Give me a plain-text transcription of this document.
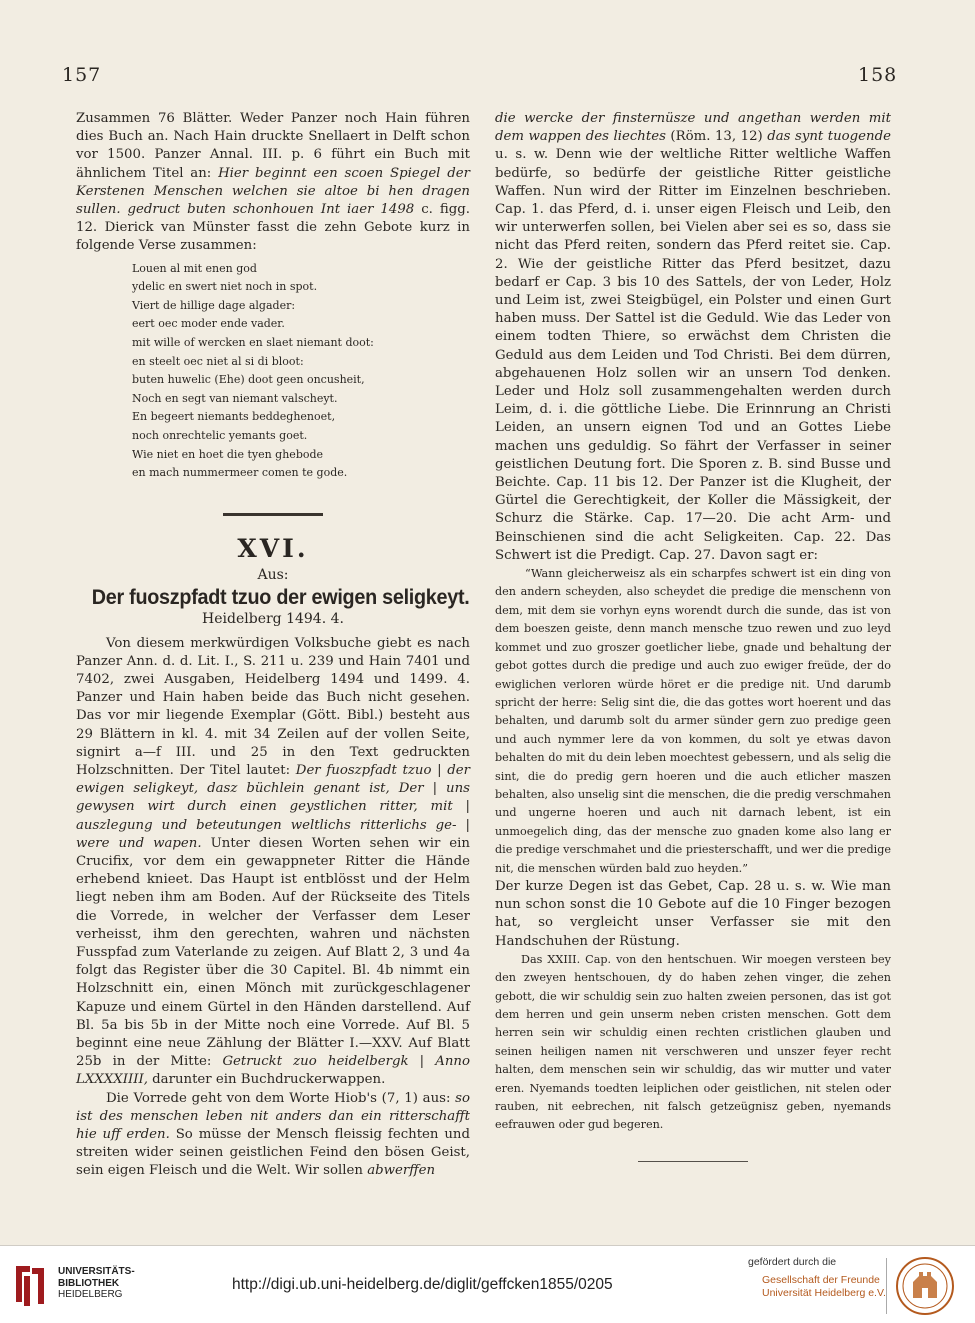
157	158

Zusammen 76 Blätter. Weder Panzer noch Hain führen dies Buch an. Nach Hain druckte Snellaert in Delft schon vor 1500. Panzer Annal. III. p. 6 führt ein Buch mit ähnlichem Titel an: Hier beginnt een scoen Spiegel der Kerstenen Menschen welchen sie altoe bi hen dragen sullen. gedruct buten schonhouen Int iaer 1498 c. figg. 12. Dierick van Münster fasst die zehn Gebote kurz in folgende Verse zusammen:

Louen al mit enen god
ydelic en swert niet noch in spot.
Viert de hillige dage algader:
eert oec moder ende vader.
mit wille of wercken en slaet niemant doot:
en steelt oec niet al si di bloot:
buten huwelic (Ehe) doot geen oncusheit,
Noch en segt van niemant valscheyt.
En begeert niemants beddeghenoet,
noch onrechtelic yemants goet.
Wie niet en hoet die tyen ghebode
en mach nummermeer comen te gode.
XVI.
Aus:
Der fuoszpfadt tzuo der ewigen seligkeyt.
Heidelberg 1494. 4.

Von diesem merkwürdigen Volksbuche giebt es nach Panzer Ann. d. d. Lit. I., S. 211 u. 239 und Hain 7401 und 7402, zwei Ausgaben, Heidelberg 1494 und 1499. 4. Panzer und Hain haben beide das Buch nicht gesehen. Das vor mir liegende Exemplar (Gött. Bibl.) besteht aus 29 Blättern in kl. 4. mit 34 Zeilen auf der vollen Seite, signirt a—f III. und 25 in den Text gedruckten Holzschnitten. Der Titel lautet: Der fuoszpfadt tzuo | der ewigen seligkeyt, dasz büchlein genant ist, Der | uns gewysen wirt durch einen geystlichen ritter, mit | auszlegung und beteutungen weltlichs ritterlichs ge- | were und wapen. Unter diesen Worten sehen wir ein Crucifix, vor dem ein gewappneter Ritter die Hände erhebend knieet. Das Haupt ist entblösst und der Helm liegt neben ihm am Boden. Auf der Rückseite des Titels die Vorrede, in welcher der Verfasser dem Leser verheisst, ihm den gerechten, wahren und nächsten Fusspfad zum Vaterlande zu zeigen. Auf Blatt 2, 3 und 4a folgt das Register über die 30 Capitel. Bl. 4b nimmt ein Holzschnitt ein, einen Mönch mit zurückgeschlagener Kapuze und einem Gürtel in den Händen darstellend. Auf Bl. 5a bis 5b in der Mitte noch eine Vorrede. Auf Bl. 5 beginnt eine neue Zählung der Blätter I.—XXV. Auf Blatt 25b in der Mitte: Getruckt zuo heidelbergk | Anno LXXXXIIII, darunter ein Buchdruckerwappen.

Die Vorrede geht von dem Worte Hiob's (7, 1) aus: so ist des menschen leben nit anders dan ein ritterschafft hie uff erden. So müsse der Mensch fleissig fechten und streiten wider seinen geistlichen Feind den bösen Geist, sein eigen Fleisch und die Welt. Wir sollen abwerffen

die wercke der finsternüsze und angethan werden mit dem wappen des liechtes (Röm. 13, 12) das synt tuogende u. s. w. Denn wie der weltliche Ritter weltliche Waffen bedürfe, so bedürfe der geistliche Ritter geistliche Waffen. Nun wird der Ritter im Einzelnen beschrieben. Cap. 1. das Pferd, d. i. unser eigen Fleisch und Leib, den wir unterwerfen sollen, bei Vielen aber sei es so, dass sie nicht das Pferd reiten, sondern das Pferd reitet sie. Cap. 2. Wie der geistliche Ritter das Pferd besitzet, dazu bedarf er Cap. 3 bis 10 des Sattels, der von Leder, Holz und Leim ist, zwei Steigbügel, ein Polster und einen Gurt haben muss. Der Sattel ist die Geduld. Wie das Leder von einem todten Thiere, so erwächst dem Christen die Geduld aus dem Leiden und Tod Christi. Bei dem dürren, abgehauenen Holz sollen wir an unsern Tod denken. Leder und Holz soll zusammengehalten werden durch Leim, d. i. die göttliche Liebe. Die Erinnrung an Christi Leiden, an unsern eignen Tod und an Gottes Liebe machen uns geduldig. So fährt der Verfasser in seiner geistlichen Deutung fort. Die Sporen z. B. sind Busse und Beichte. Cap. 11 bis 12. Der Panzer ist die Klugheit, der Gürtel die Gerechtigkeit, der Koller die Mässigkeit, der Schurz die Stärke. Cap. 17—20. Die acht Arm- und Beinschienen sind die acht Seligkeiten. Cap. 22. Das Schwert ist die Predigt. Cap. 27. Davon sagt er:

“Wann gleicherweisz als ein scharpfes schwert ist ein ding von den andern scheyden, also scheydet die predige die menschenn von dem, mit dem sie vorhyn eyns worendt durch die sunde, das ist von dem boeszen geiste, denn manch mensche tzuo rewen und zuo leyd kommet und zuo groszer goetlicher liebe, gnade und behaltung der gebot gottes durch die predige und auch zuo ewiger freüde, der do ewiglichen verloren würde höret er die predige nit. Und darumb spricht der herre: Selig sint die, die das gottes wort hoerent und das behalten, und darumb solt du armer sünder gern zuo predige geen und auch nymmer lere da von kommen, du solt ye etwas davon behalten do mit du dein leben moechtest gebessern, und als selig die sint, die do predig gern hoeren und die auch etlicher maszen behalten, also unselig sint die menschen, die die predig verschmahen und ungerne hoeren und auch nit darnach lebent, ist ein unmoegelich ding, das der mensche zuo gnaden kome also lang er die predige verschmahet und die priesterschafft, und wer die predige nit, die menschen würden bald zuo heyden.”

Der kurze Degen ist das Gebet, Cap. 28 u. s. w. Wie man nun schon sonst die 10 Gebote auf die 10 Finger bezogen hat, so vergleicht unser Verfasser sie mit den Handschuhen der Rüstung.

Das XXIII. Cap. von den hentschuen. Wir moegen versteen bey den zweyen hentschouen, dy do haben zehen vinger, die zehen gebott, die wir schuldig sein zuo halten zweien personen, das ist got dem herren und gein unserm neben cristen menschen. Gott dem herren sein wir schuldig einen rechten cristlichen glauben und seinen heiligen namen nit verschweren und unszer feyer recht halten, dem menschen sein wir schuldig, das wir mutter und vater eren. Nyemands toedten leiplichen oder geistlichen, nit stelen oder rauben, nit eebrechen, nit falsch getzeügnisz geben, nyemands eefrauwen oder gud begeren.

UNIVERSITÄTS-
BIBLIOTHEK
HEIDELBERG
http://digi.ub.uni-heidelberg.de/diglit/geffcken1855/0205
gefördert durch die
Gesellschaft der Freunde
Universität Heidelberg e.V.
